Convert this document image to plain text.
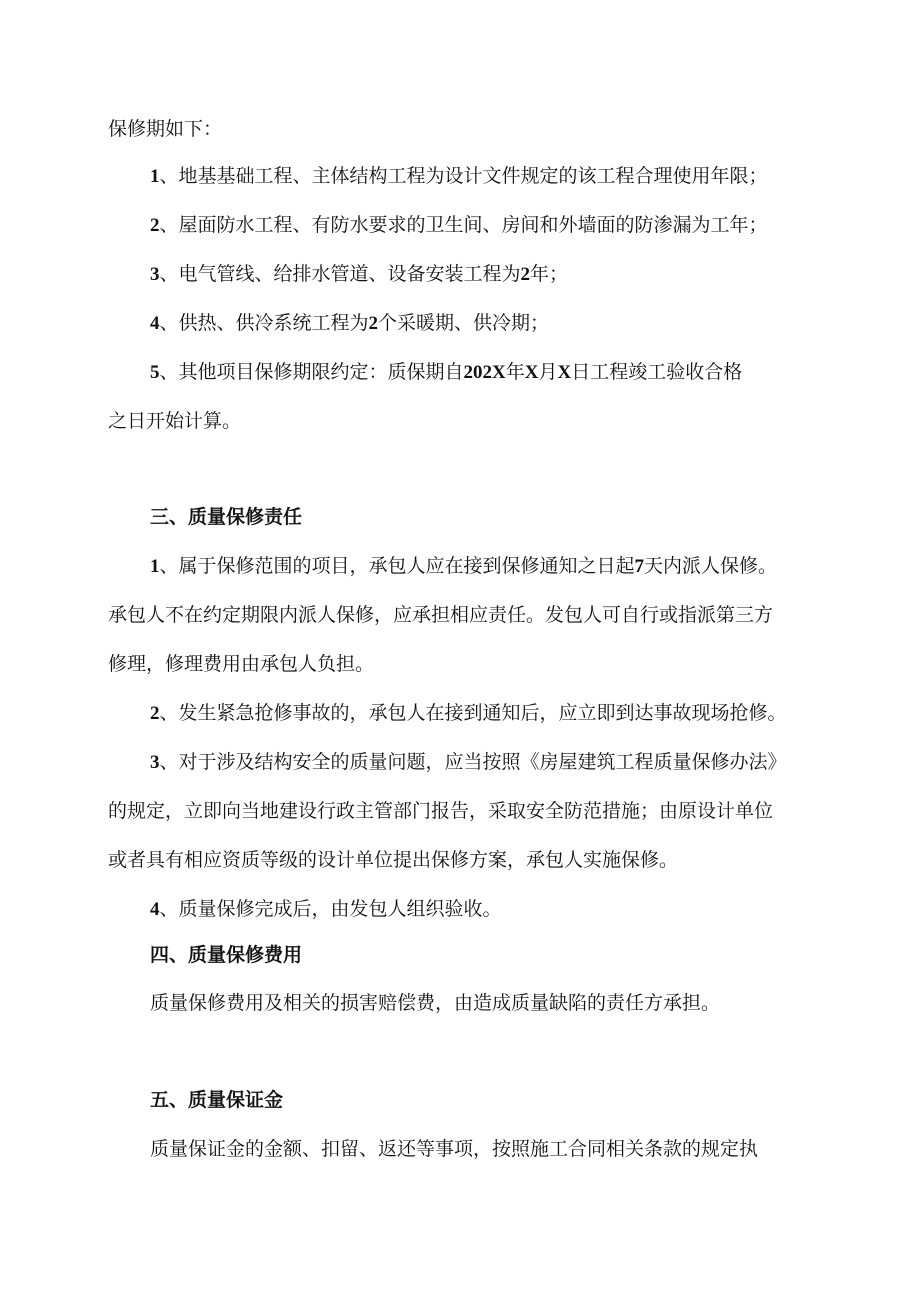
保修期如下：
1、地基基础工程、主体结构工程为设计文件规定的该工程合理使用年限；
2、屋面防水工程、有防水要求的卫生间、房间和外墙面的防渗漏为工年；
3、电气管线、给排水管道、设备安装工程为2年；
4、供热、供冷系统工程为2个采暖期、供冷期；
5、其他项目保修期限约定：质保期自202X年X月X日工程竣工验收合格
之日开始计算。
三、质量保修责任
1、属于保修范围的项目，承包人应在接到保修通知之日起7天内派人保修。
承包人不在约定期限内派人保修，应承担相应责任。发包人可自行或指派第三方
修理，修理费用由承包人负担。
2、发生紧急抢修事故的，承包人在接到通知后，应立即到达事故现场抢修。
3、对于涉及结构安全的质量问题，应当按照《房屋建筑工程质量保修办法》
的规定，立即向当地建设行政主管部门报告，采取安全防范措施；由原设计单位
或者具有相应资质等级的设计单位提出保修方案，承包人实施保修。
4、质量保修完成后，由发包人组织验收。
四、质量保修费用
质量保修费用及相关的损害赔偿费，由造成质量缺陷的责任方承担。
五、质量保证金
质量保证金的金额、扣留、返还等事项，按照施工合同相关条款的规定执
